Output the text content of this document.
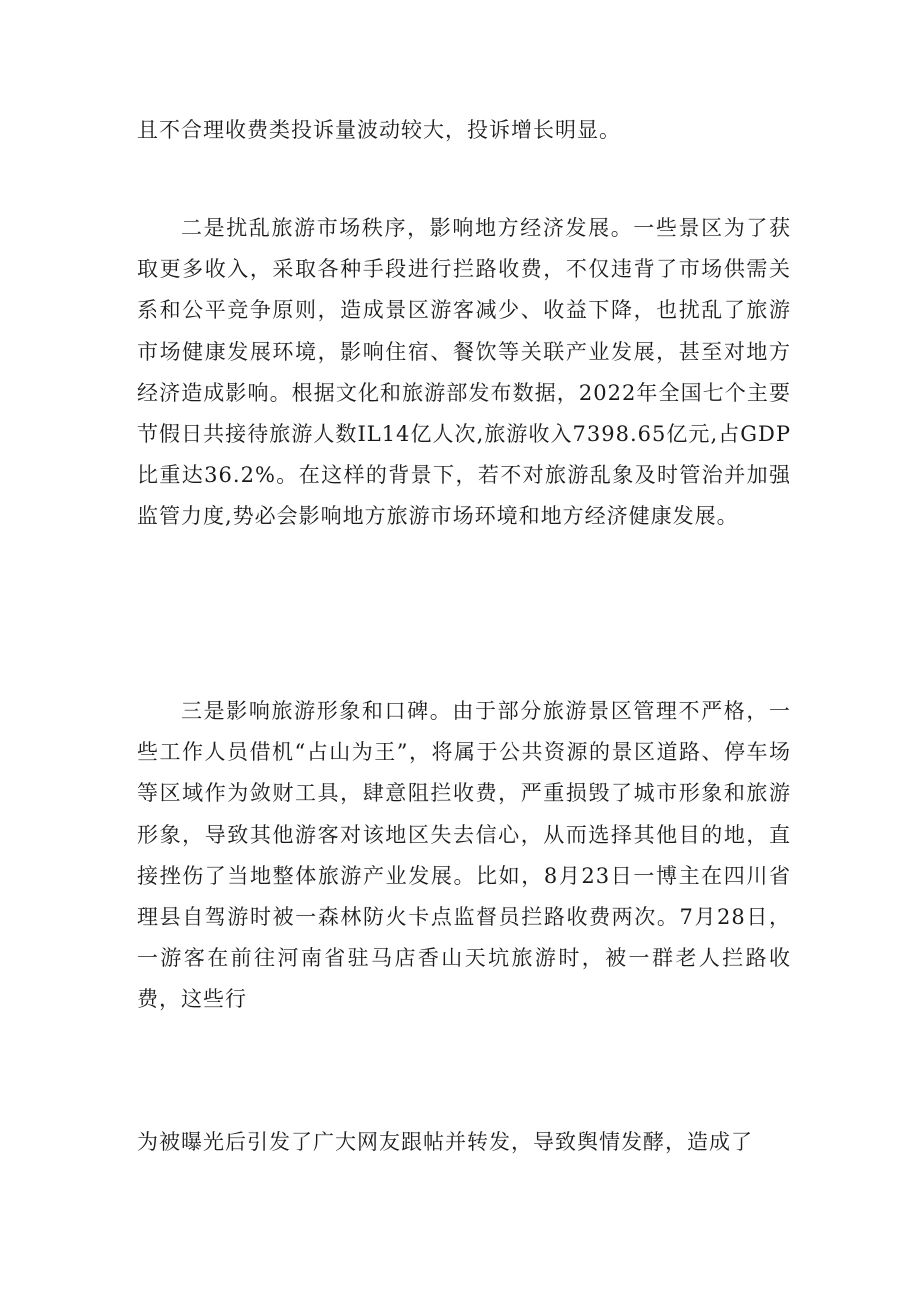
且不合理收费类投诉量波动较大，投诉增长明显。

二是扰乱旅游市场秩序，影响地方经济发展。一些景区为了获取更多收入，采取各种手段进行拦路收费，不仅违背了市场供需关系和公平竞争原则，造成景区游客减少、收益下降，也扰乱了旅游市场健康发展环境，影响住宿、餐饮等关联产业发展，甚至对地方经济造成影响。根据文化和旅游部发布数据，2022年全国七个主要节假日共接待旅游人数IL14亿人次,旅游收入7398.65亿元,占GDP比重达36.2%。在这样的背景下，若不对旅游乱象及时管治并加强监管力度,势必会影响地方旅游市场环境和地方经济健康发展。

三是影响旅游形象和口碑。由于部分旅游景区管理不严格，一些工作人员借机“占山为王”，将属于公共资源的景区道路、停车场等区域作为敛财工具，肆意阻拦收费，严重损毁了城市形象和旅游形象，导致其他游客对该地区失去信心，从而选择其他目的地，直接挫伤了当地整体旅游产业发展。比如，8月23日一博主在四川省理县自驾游时被一森林防火卡点监督员拦路收费两次。7月28日，一游客在前往河南省驻马店香山天坑旅游时，被一群老人拦路收费，这些行

为被曝光后引发了广大网友跟帖并转发，导致舆情发酵，造成了
